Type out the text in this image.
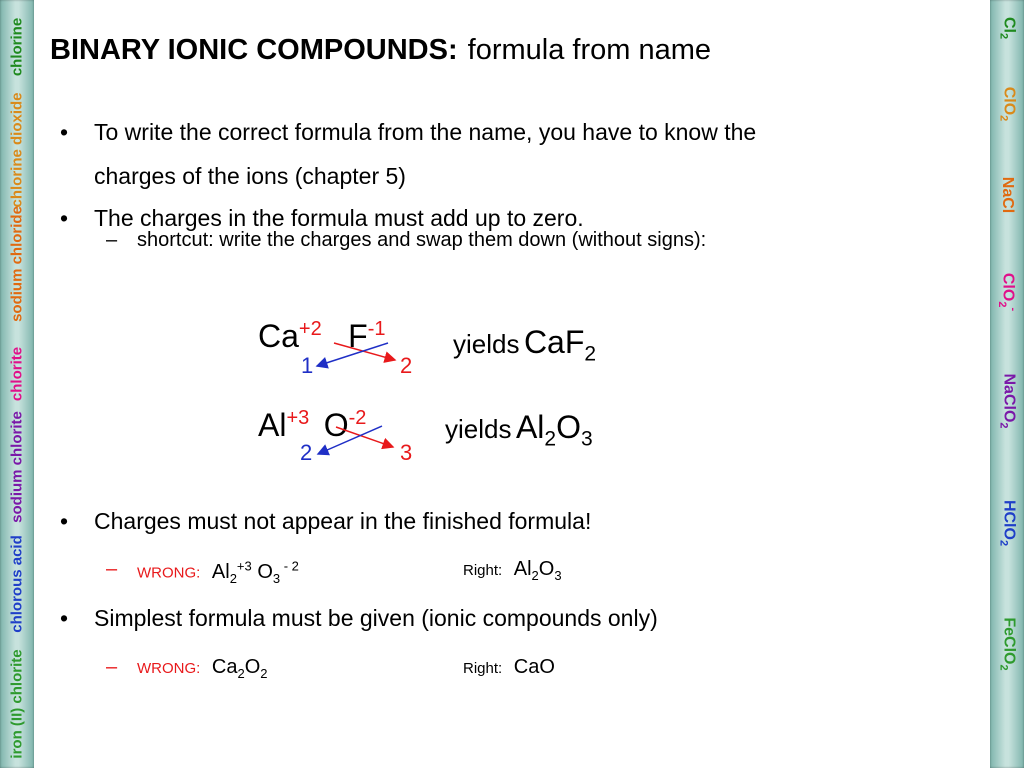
chlorine
chlorine dioxide
sodium chloride
chlorite
sodium chlorite
chlorous acid
iron (II) chlorite
$Cl_2$
ClO$_2$
NaCl
ClO$_2$-
NaClO$_2$
HClO$_2$
FeClO$_2$
BINARY IONIC COMPOUNDS: formula from name
• To write the correct formula from the name, you have to know the
charges of the ions (chapter 5)
• The charges in the formula must add up to zero.
– shortcut: write the charges and swap them down (without signs):
Ca+2 F-1
1	2
yields CaF$_2$
Al+3 O-2
2	3
yields $Al_2O_3$
• Charges must not appear in the finished formula!
– WRONG: $Al_2^{+3}$ $O_3$ $^{- 2}$	Right: $Al_2O_3$
• Simplest formula must be given (ionic compounds only)
– WRONG: $Ca_2O_2$	Right: CaO
